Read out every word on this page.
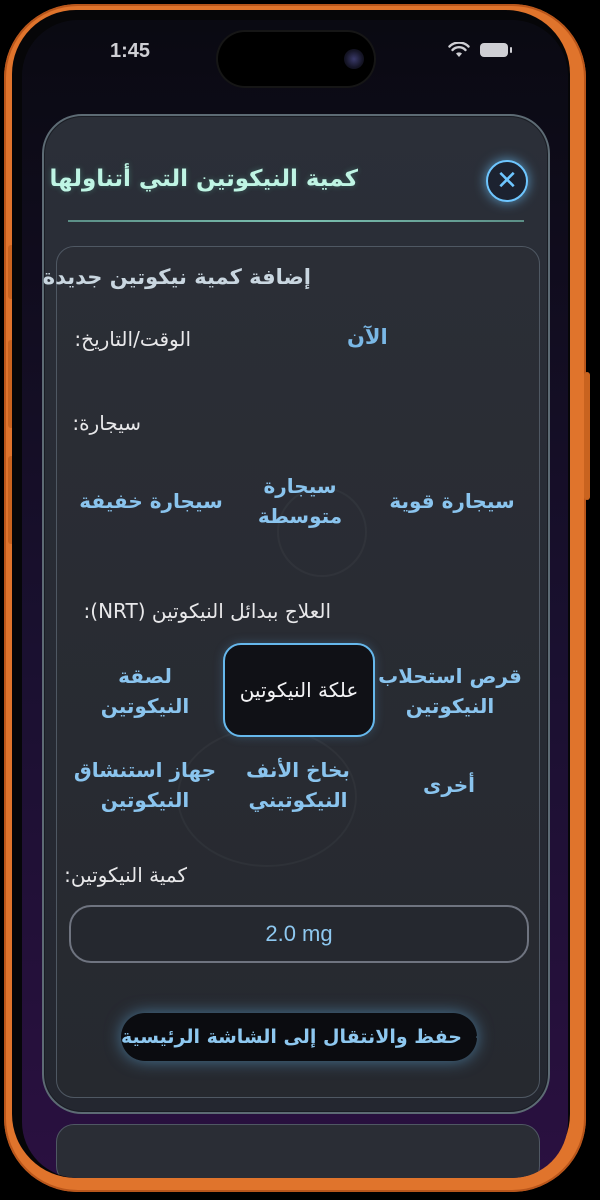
1:45
كمية النيكوتين التي أتناولها	✕
إضافة كمية نيكوتين جديدة
الوقت/التاريخ:	الآن
سيجارة:
سيجارة قوية
سيجارة متوسطة
سيجارة خفيفة
العلاج ببدائل النيكوتين (NRT):
قرص استحلاب النيكوتين
علكة النيكوتين
لصقة النيكوتين
أخرى
بخاخ الأنف النيكوتيني
جهاز استنشاق النيكوتين
كمية النيكوتين:
2.0 mg
حفظ والانتقال إلى الشاشة الرئيسية
